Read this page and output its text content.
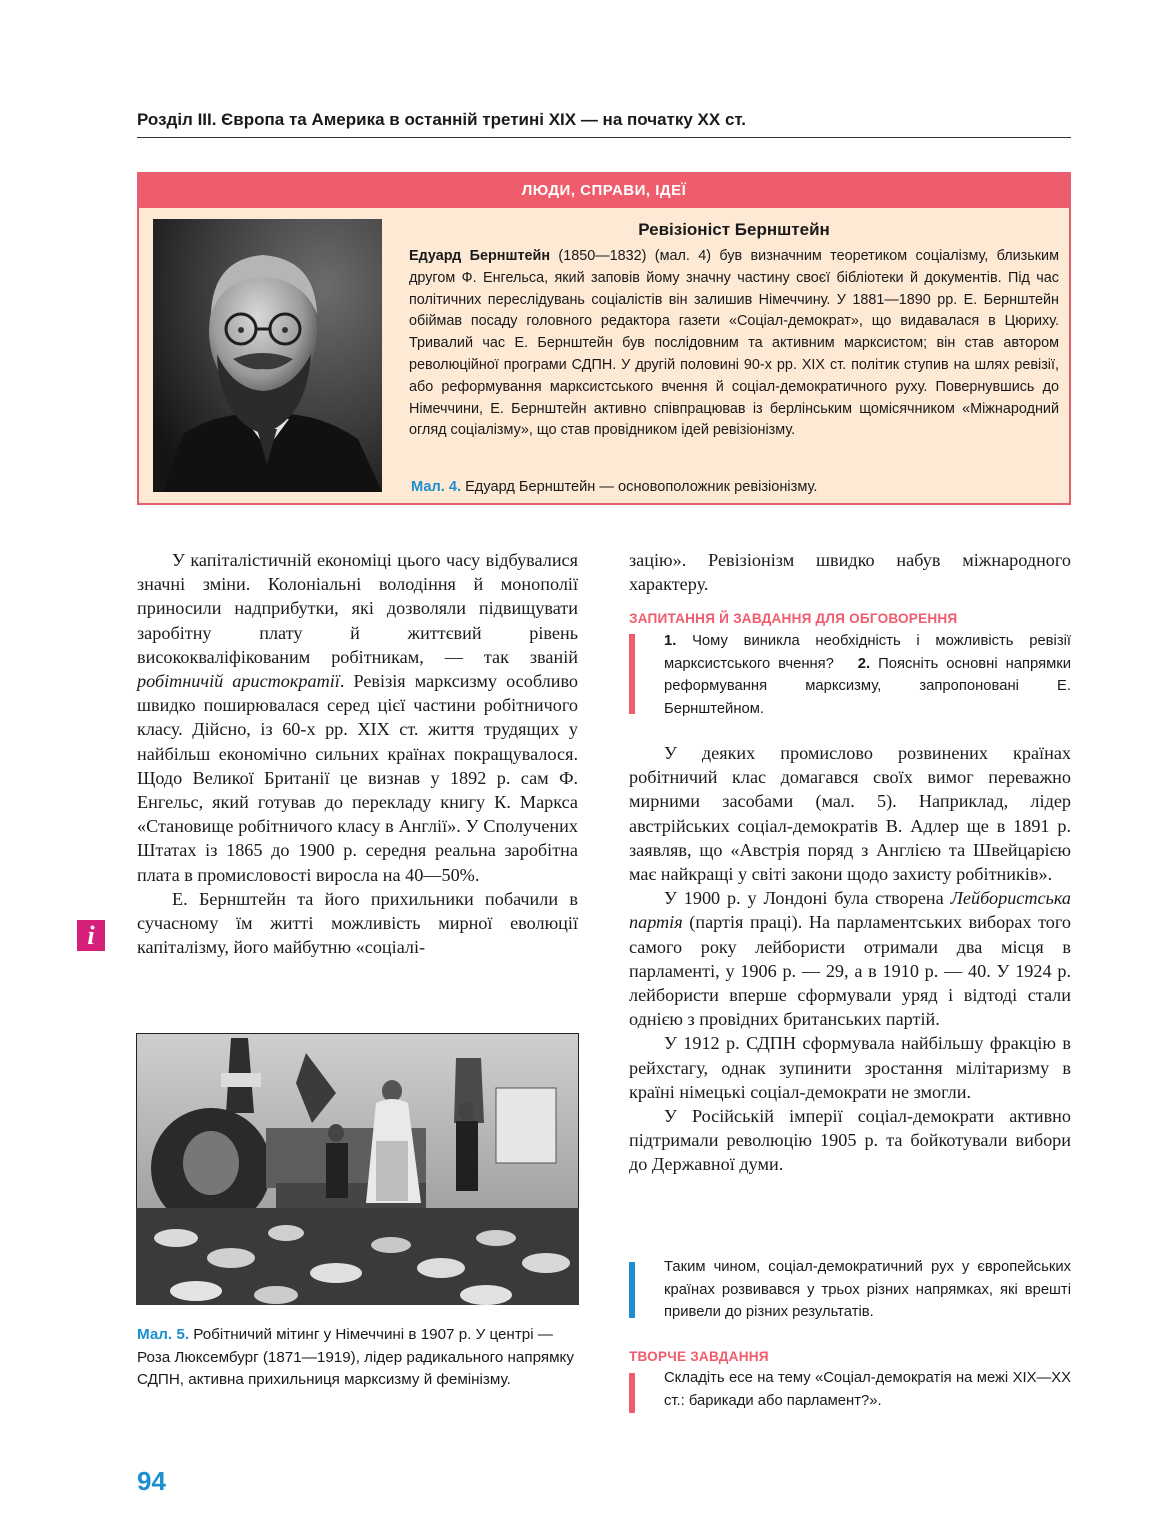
Розділ ІІІ. Європа та Америка в останній третині ХІХ — на початку ХХ ст.
ЛЮДИ, СПРАВИ, ІДЕЇ
Ревізіоніст Бернштейн

Едуард Бернштейн (1850—1832) (мал. 4) був визначним теоретиком соціалізму, близьким другом Ф. Енгельса, який заповів йому значну частину своєї бібліотеки й документів. Під час політичних переслідувань соціалістів він залишив Німеччину. У 1881—1890 рр. Е. Бернштейн обіймав посаду головного редактора газети «Соціал-демократ», що видавалася в Цюриху. Тривалий час Е. Бернштейн був послідовним та активним марксистом; він став автором революційної програми СДПН. У другій половині 90-х рр. ХІХ ст. політик ступив на шлях ревізії, або реформування марксистського вчення й соціал-демократичного руху. Повернувшись до Німеччини, Е. Бернштейн активно співпрацював із берлінським щомісячником «Міжнародний огляд соціалізму», що став провідником ідей ревізіонізму.

Мал. 4. Едуард Бернштейн — основоположник ревізіонізму.

У капіталістичній економіці цього часу відбувалися значні зміни. Колоніальні володіння й монополії приносили надприбутки, які дозволяли підвищувати заробітну плату й життєвий рівень висококваліфікованим робітникам, — так званій робітничій аристократії. Ревізія марксизму особливо швидко поширювалася серед цієї частини робітничого класу. Дійсно, із 60-х рр. ХІХ ст. життя трудящих у найбільш економічно сильних країнах покращувалося. Щодо Великої Британії це визнав у 1892 р. сам Ф. Енгельс, який готував до перекладу книгу К. Маркса «Становище робітничого класу в Англії». У Сполучених Штатах із 1865 до 1900 р. середня реальна заробітна плата в промисловості виросла на 40—50%.

Е. Бернштейн та його прихильники побачили в сучасному їм житті можливість мирної еволюції капіталізму, його майбутню «соціалі-

i
Мал. 5. Робітничий мітинг у Німеччині в 1907 р. У центрі — Роза Люксембург (1871—1919), лідер радикального напрямку СДПН, активна прихильниця марксизму й фемінізму.

зацію». Ревізіонізм швидко набув міжнародного характеру.

ЗАПИТАННЯ Й ЗАВДАННЯ ДЛЯ ОБГОВОРЕННЯ

1. Чому виникла необхідність і можливість ревізії марксистського вчення? 2. Поясніть основні напрямки реформування марксизму, запропоновані Е. Бернштейном.

У деяких промислово розвинених країнах робітничий клас домагався своїх вимог переважно мирними засобами (мал. 5). Наприклад, лідер австрійських соціал-демократів В. Адлер ще в 1891 р. заявляв, що «Австрія поряд з Англією та Швейцарією має найкращі у світі закони щодо захисту робітників».

У 1900 р. у Лондоні була створена Лейбористська партія (партія праці). На парламентських виборах того самого року лейбористи отримали два місця в парламенті, у 1906 р. — 29, а в 1910 р. — 40. У 1924 р. лейбористи вперше сформували уряд і відтоді стали однією з провідних британських партій.

У 1912 р. СДПН сформувала найбільшу фракцію в рейхстагу, однак зупинити зростання мілітаризму в країні німецькі соціал-демократи не змогли.

У Російській імперії соціал-демократи активно підтримали революцію 1905 р. та бойкотували вибори до Державної думи.

Таким чином, соціал-демократичний рух у європейських країнах розвивався у трьох різних напрямках, які врешті привели до різних результатів.

ТВОРЧЕ ЗАВДАННЯ

Складіть есе на тему «Соціал-демократія на межі ХІХ—ХХ ст.: барикади або парламент?».

94
